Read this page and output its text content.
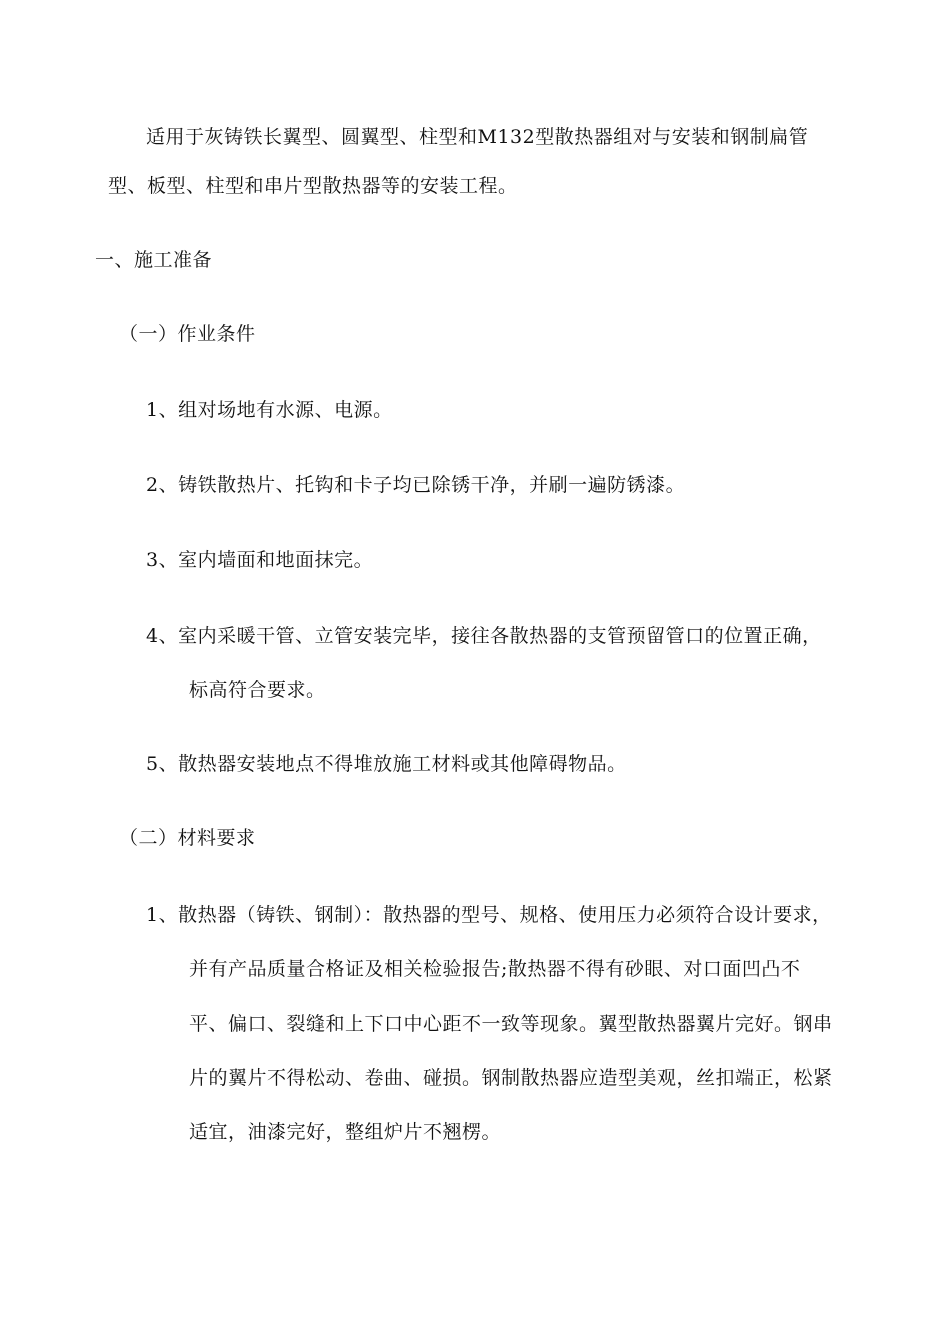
适用于灰铸铁长翼型、圆翼型、柱型和M132型散热器组对与安装和钢制扁管
型、板型、柱型和串片型散热器等的安装工程。
一、施工准备
（一）作业条件
1、组对场地有水源、电源。
2、铸铁散热片、托钩和卡子均已除锈干净，并刷一遍防锈漆。
3、室内墙面和地面抹完。
4、室内采暖干管、立管安装完毕，接往各散热器的支管预留管口的位置正确，
标高符合要求。
5、散热器安装地点不得堆放施工材料或其他障碍物品。
（二）材料要求
1、散热器（铸铁、钢制）：散热器的型号、规格、使用压力必须符合设计要求，
并有产品质量合格证及相关检验报告;散热器不得有砂眼、对口面凹凸不
平、偏口、裂缝和上下口中心距不一致等现象。翼型散热器翼片完好。钢串
片的翼片不得松动、卷曲、碰损。钢制散热器应造型美观，丝扣端正，松紧
适宜，油漆完好，整组炉片不翘楞。
